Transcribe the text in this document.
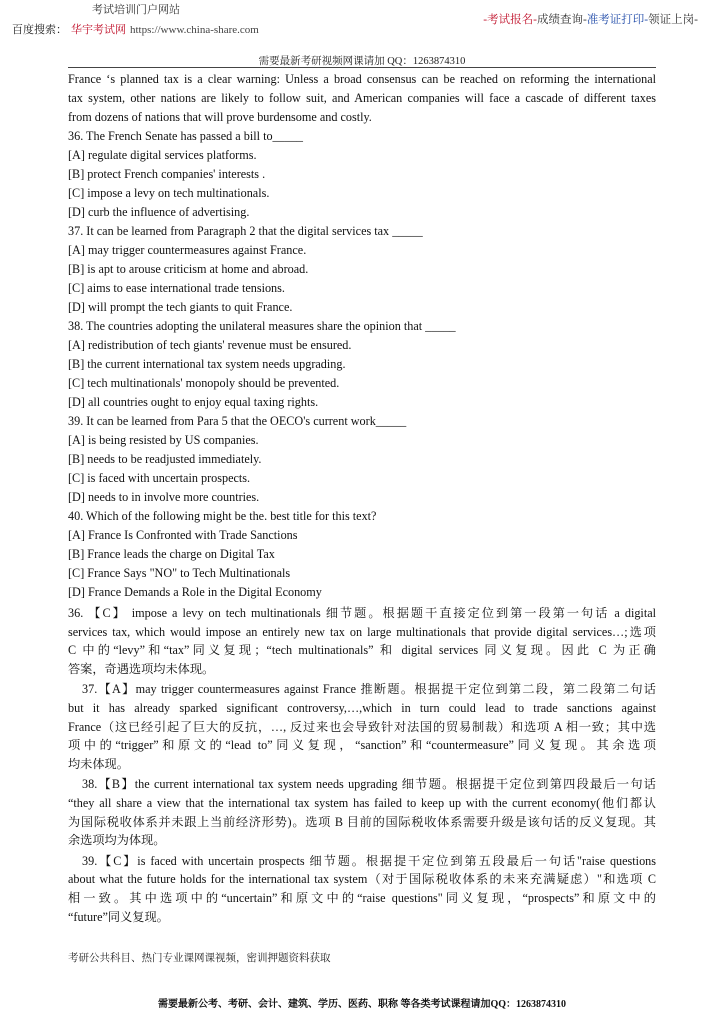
考试培训门户网站
-考试报名-成绩查询-准考证打印-领证上岗-
百度搜索： 华宇考试网 https://www.china-share.com
需要最新考研视频网课请加 QQ：1263874310
France ‘s planned tax is a clear warning: Unless a broad consensus can be reached on reforming the international
tax system, other nations are likely to follow suit, and American companies will face a cascade of different taxes
from dozens of nations that will prove burdensome and costly.
36. The French Senate has passed a bill to_____
[A] regulate digital services platforms.
[B] protect French companies' interests .
[C] impose a levy on tech multinationals.
[D] curb the influence of advertising.
37. It can be learned from Paragraph 2 that the digital services tax _____
[A] may trigger countermeasures against France.
[B] is apt to arouse criticism at home and abroad.
[C] aims to ease international trade tensions.
[D] will prompt the tech giants to quit France.
38. The countries adopting the unilateral measures share the opinion that _____
[A] redistribution of tech giants' revenue must be ensured.
[B] the current international tax system needs upgrading.
[C] tech multinationals' monopoly should be prevented.
[D] all countries ought to enjoy equal taxing rights.
39. It can be learned from Para 5 that the OECO's current work_____
[A] is being resisted by US companies.
[B] needs to be readjusted immediately.
[C] is faced with uncertain prospects.
[D] needs to in involve more countries.
40. Which of the following might be the. best title for this text?
[A] France Is Confronted with Trade Sanctions
[B] France leads the charge on Digital Tax
[C] France Says "NO" to Tech Multinationals
[D] France Demands a Role in the Digital Economy
36. 【C】 impose a levy on tech multinationals 细节题。根据题干直接定位到第一段第一句话 a digital
services tax, which would impose an entirely new tax on large multinationals that provide digital services…;选项
C 中的“levy”和“tax”同义复现；“tech multinationals” 和 digital services 同义复现。因此 C 为正确
答案，奇遇选项均未体现。
37.【A】may trigger countermeasures against France 推断题。根据提干定位到第二段，第二段第二句话
but it has already sparked significant controversy,…,which in turn could lead to trade sanctions against
France（这已经引起了巨大的反抗，…, 反过来也会导致针对法国的贸易制裁）和选项 A 相一致；其中选
项中的“trigger”和原文的“lead to”同义复现，“sanction”和“countermeasure”同义复现。其余选项
均未体现。
38.【B】the current international tax system needs upgrading 细节题。根据提干定位到第四段最后一句话
“they all share a view that the international tax system has failed to keep up with the current economy(他们都认
为国际税收体系并未跟上当前经济形势)。选项 B 目前的国际税收体系需要升级是该句话的反义复现。其
余选项均为体现。
39.【C】is faced with uncertain prospects 细节题。根据提干定位到第五段最后一句话"raise questions
about what the future holds for the international tax system（对于国际税收体系的未来充满疑虑）"和选项 C
相一致。其中选项中的“uncertain”和原文中的“raise questions"同义复现，“prospects”和原文中的
“future”同义复现。
考研公共科目、热门专业课网课视频，密训押题资料获取
需要最新公考、考研、会计、建筑、学历、医药、职称 等各类考试课程请加QQ：1263874310
